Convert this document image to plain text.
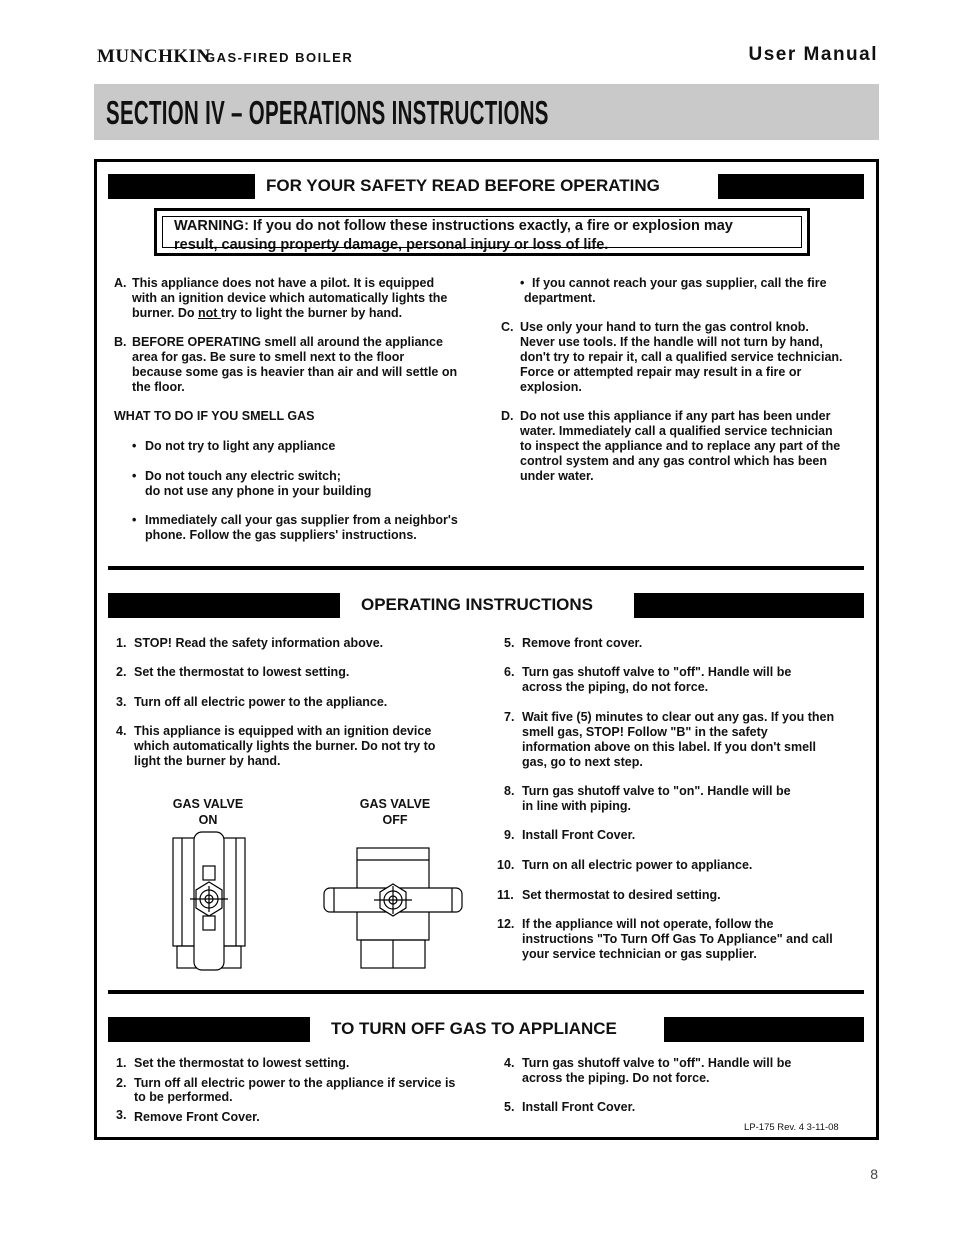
MUNCHKIN
GAS-FIRED BOILER	User Manual
SECTION IV – OPERATIONS INSTRUCTIONS
FOR YOUR SAFETY READ BEFORE OPERATING
WARNING: If you do not follow these instructions exactly, a fire or explosion may
result, causing property damage, personal injury or loss of life.
A. This appliance does not have a pilot. It is equipped
with an ignition device which automatically lights the
burner. Do not try to light the burner by hand.
B. BEFORE OPERATING smell all around the appliance
area for gas. Be sure to smell next to the floor
because some gas is heavier than air and will settle on
the floor.
WHAT TO DO IF YOU SMELL GAS
• Do not try to light any appliance
• Do not touch any electric switch;
do not use any phone in your building
• Immediately call your gas supplier from a neighbor's
phone. Follow the gas suppliers' instructions.
• If you cannot reach your gas supplier, call the fire
department.
C. Use only your hand to turn the gas control knob.
Never use tools. If the handle will not turn by hand,
don't try to repair it, call a qualified service technician.
Force or attempted repair may result in a fire or
explosion.
D. Do not use this appliance if any part has been under
water. Immediately call a qualified service technician
to inspect the appliance and to replace any part of the
control system and any gas control which has been
under water.
OPERATING INSTRUCTIONS
1. STOP! Read the safety information above.
2. Set the thermostat to lowest setting.
3. Turn off all electric power to the appliance.
4. This appliance is equipped with an ignition device
which automatically lights the burner. Do not try to
light the burner by hand.
GAS VALVE
ON
GAS VALVE
OFF
5. Remove front cover.
6. Turn gas shutoff valve to "off". Handle will be
across the piping, do not force.
7. Wait five (5) minutes to clear out any gas. If you then
smell gas, STOP! Follow "B" in the safety
information above on this label. If you don't smell
gas, go to next step.
8. Turn gas shutoff valve to "on". Handle will be
in line with piping.
9. Install Front Cover.
10. Turn on all electric power to appliance.
11. Set thermostat to desired setting.
12. If the appliance will not operate, follow the
instructions "To Turn Off Gas To Appliance" and call
your service technician or gas supplier.
TO TURN OFF GAS TO APPLIANCE
1. Set the thermostat to lowest setting.
2. Turn off all electric power to the appliance if service is
to be performed.
3. Remove Front Cover.
4. Turn gas shutoff valve to "off". Handle will be
across the piping. Do not force.
5. Install Front Cover.
LP-175 Rev. 4 3-11-08
8
